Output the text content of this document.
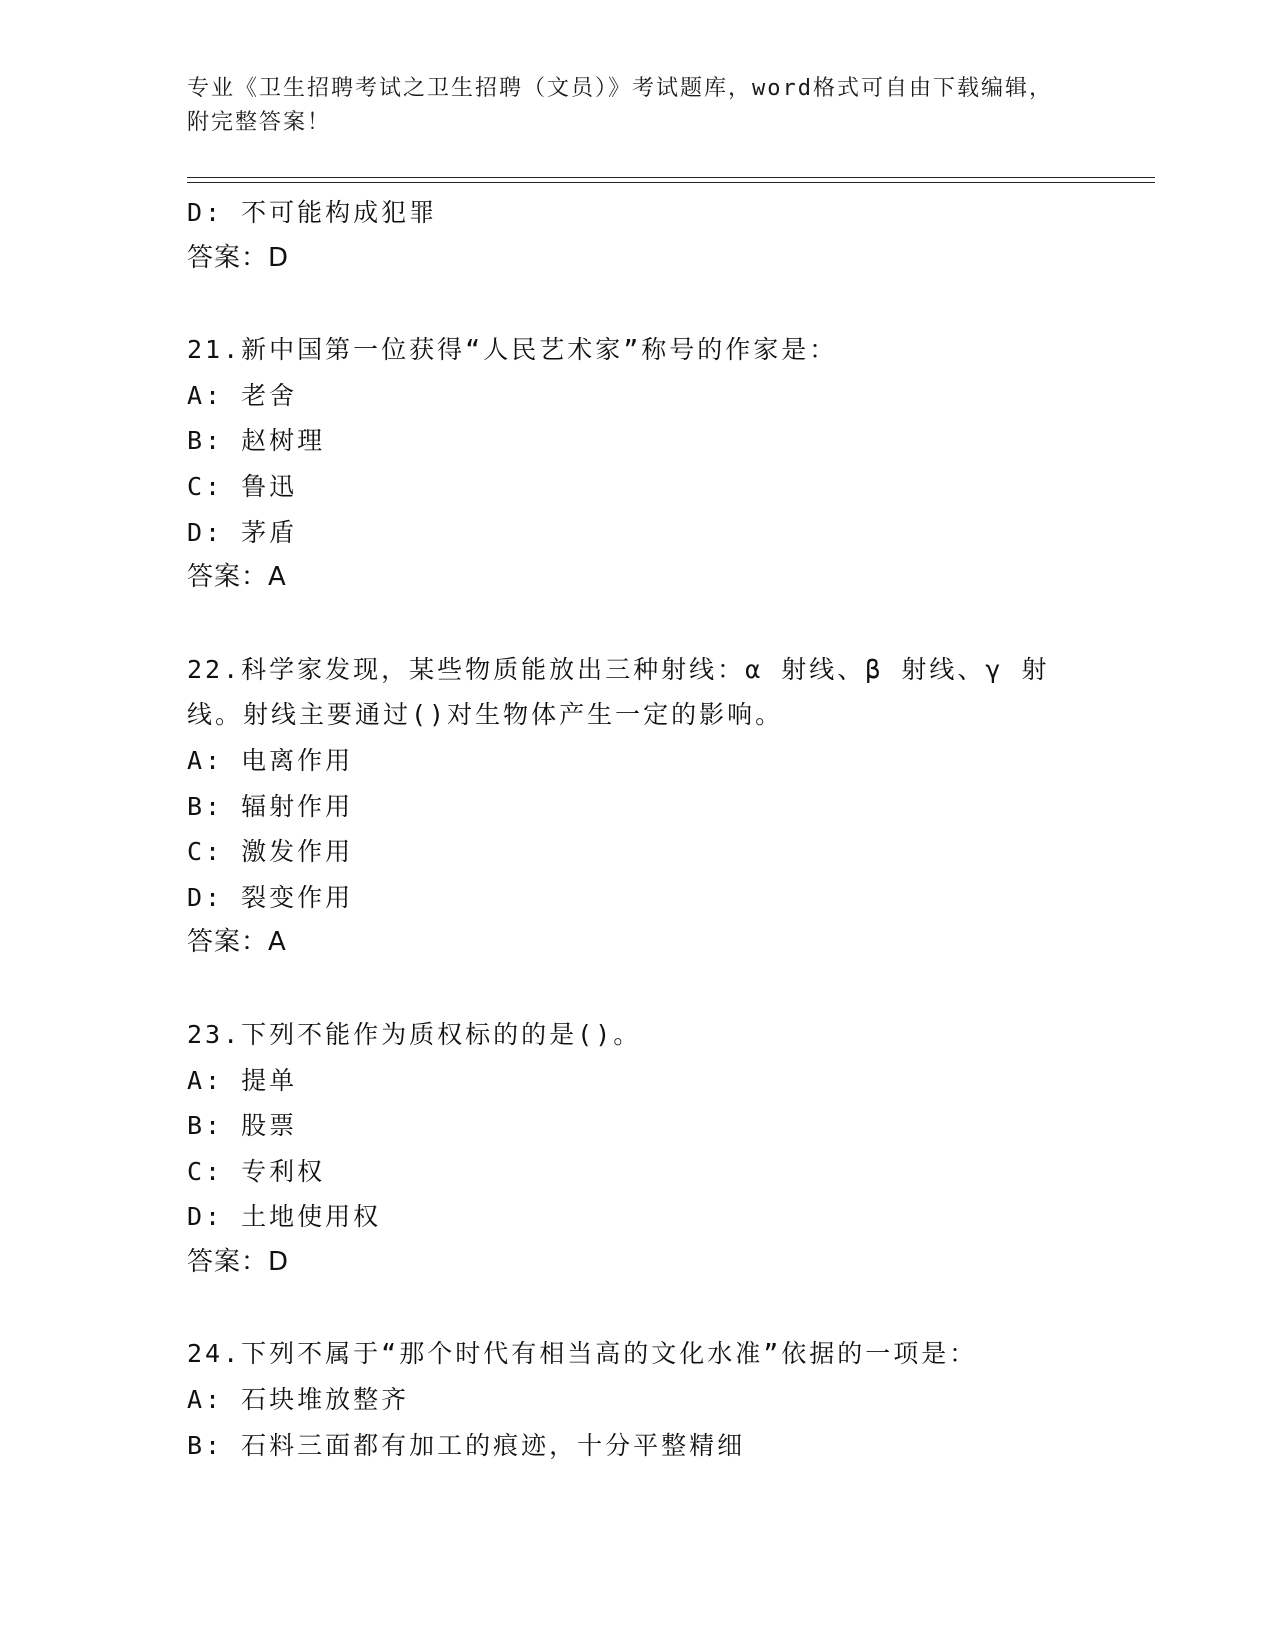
专业《卫生招聘考试之卫生招聘（文员）》考试题库，word格式可自由下载编辑，附完整答案！
D: 不可能构成犯罪
答案：D
21.新中国第一位获得“人民艺术家”称号的作家是：
A: 老舍
B: 赵树理
C: 鲁迅
D: 茅盾
答案：A
22.科学家发现，某些物质能放出三种射线：α 射线、β 射线、γ 射线。射线主要通过()对生物体产生一定的影响。
A: 电离作用
B: 辐射作用
C: 激发作用
D: 裂变作用
答案：A
23.下列不能作为质权标的的是()。
A: 提单
B: 股票
C: 专利权
D: 土地使用权
答案：D
24.下列不属于“那个时代有相当高的文化水准”依据的一项是：
A: 石块堆放整齐
B: 石料三面都有加工的痕迹，十分平整精细
